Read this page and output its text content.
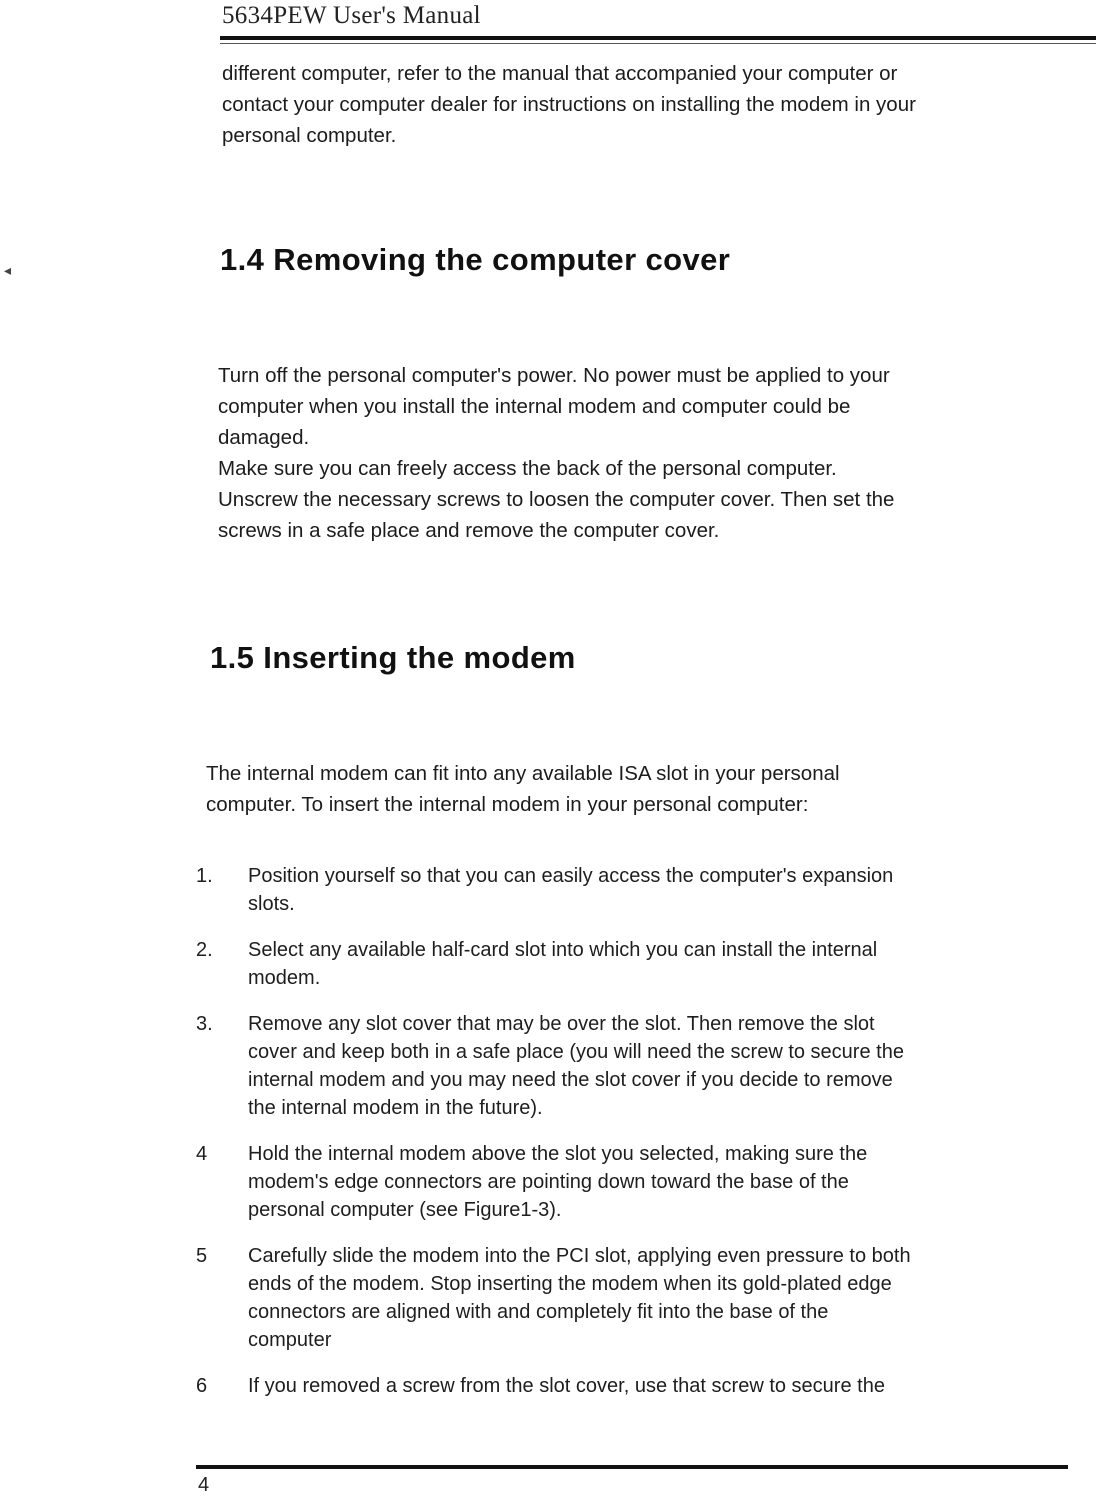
5634PEW User's Manual
different computer, refer to the manual that accompanied your computer or
contact your computer dealer for instructions on installing the modem in your
personal computer.
◂	1.4 Removing the computer cover
Turn off the personal computer's power. No power must be applied to your
computer when you install the internal modem and computer could be
damaged.
Make sure you can freely access the back of the personal computer.
Unscrew the necessary screws to loosen the computer cover. Then set the
screws in a safe place and remove the computer cover.
1.5 Inserting the modem
The internal modem can fit into any available ISA slot in your personal
computer. To insert the internal modem in your personal computer:
1.	Position yourself so that you can easily access the computer's expansion
slots.
2.	Select any available half-card slot into which you can install the internal
modem.
3.	Remove any slot cover that may be over the slot. Then remove the slot
cover and keep both in a safe place (you will need the screw to secure the
internal modem and you may need the slot cover if you decide to remove
the internal modem in the future).
4	Hold the internal modem above the slot you selected, making sure the
modem's edge connectors are pointing down toward the base of the
personal computer (see Figure1-3).
5	Carefully slide the modem into the PCI slot, applying even pressure to both
ends of the modem. Stop inserting the modem when its gold-plated edge
connectors are aligned with and completely fit into the base of the
computer
6	If you removed a screw from the slot cover, use that screw to secure the
4
